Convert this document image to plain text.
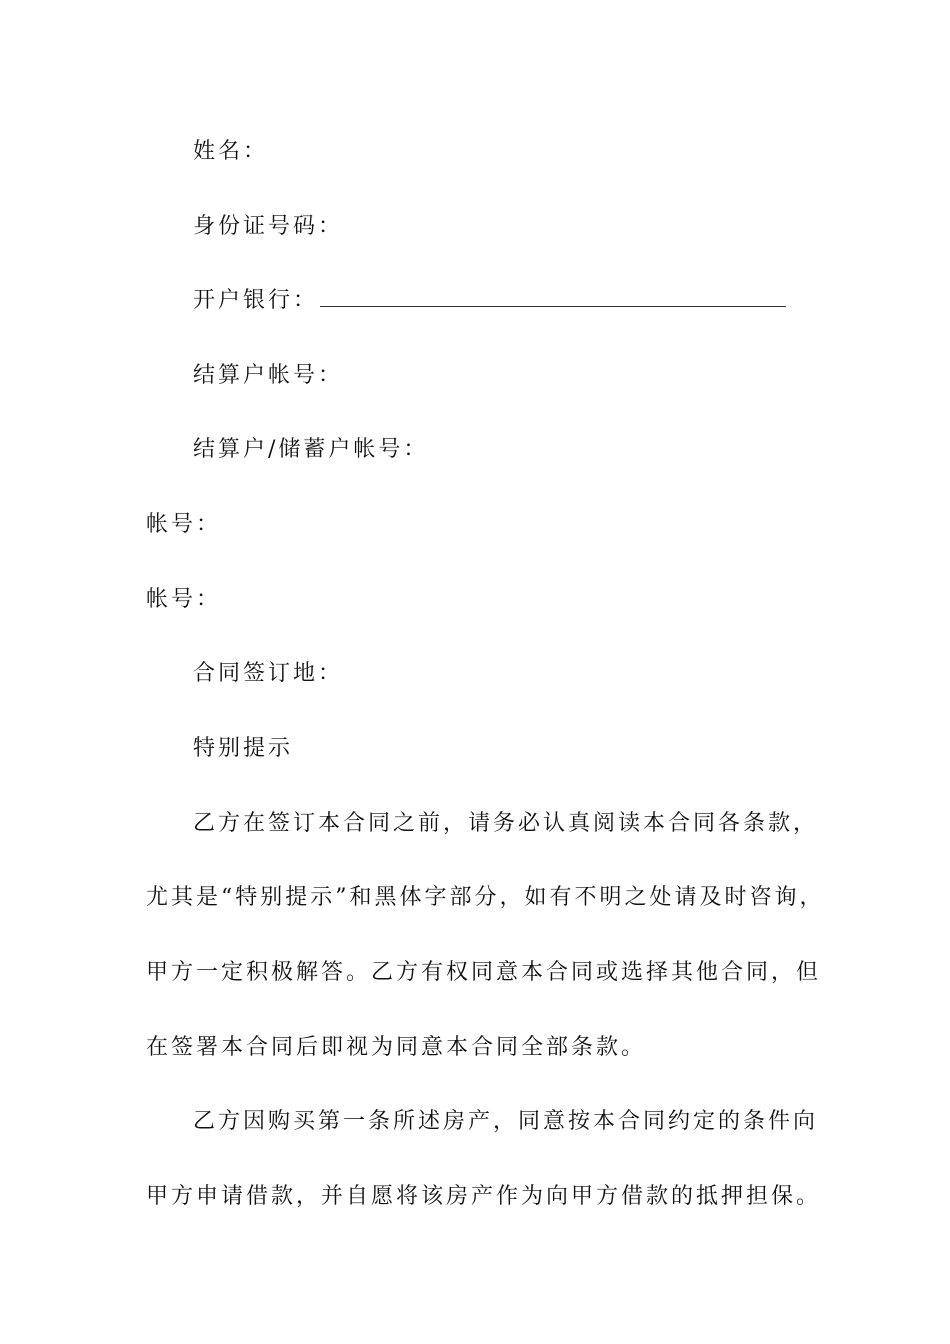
姓名：
身份证号码：
开户银行：
结算户帐号：
结算户/储蓄户帐号：
帐号：
帐号：
合同签订地：
特别提示
乙方在签订本合同之前，请务必认真阅读本合同各条款，
尤其是“特别提示”和黑体字部分，如有不明之处请及时咨询，
甲方一定积极解答。乙方有权同意本合同或选择其他合同，但
在签署本合同后即视为同意本合同全部条款。
乙方因购买第一条所述房产，同意按本合同约定的条件向
甲方申请借款，并自愿将该房产作为向甲方借款的抵押担保。
